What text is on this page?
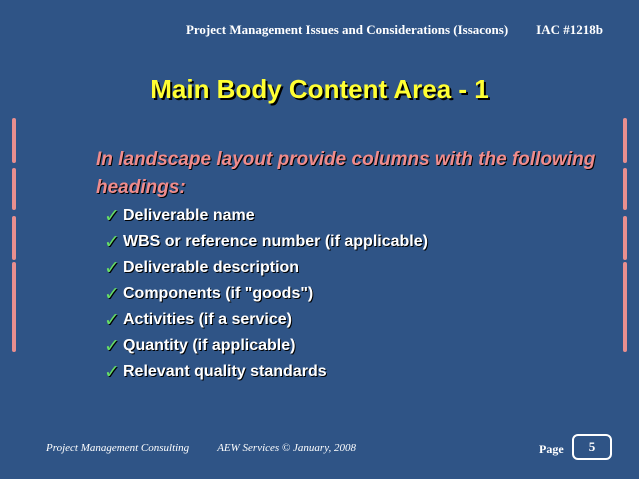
Project Management Issues and Considerations (Issacons) IAC #1218b
Main Body Content Area - 1
In landscape layout provide columns with the following headings:
✓ Deliverable name
✓ WBS or reference number (if applicable)
✓ Deliverable description
✓ Components (if "goods")
✓ Activities (if a service)
✓ Quantity (if applicable)
✓ Relevant quality standards
Project Management Consulting	AEW Services © January, 2008	Page	5
